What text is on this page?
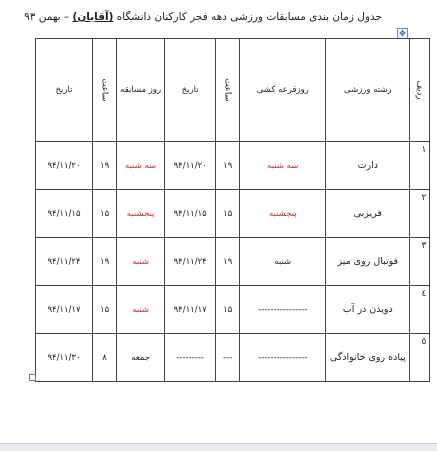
جدول زمان بندی مسابقات ورزشی دهه فجر کارکنان دانشگاه (آقایان) – بهمن ۹۳
✥
ردیف	رشته ورزشی	روزقرعه کشی	ساعت	تاریخ	روز مسابقه	ساعت	تاریخ
۱	دارت	سه شنبه	۱۹	۹۴/۱۱/۲۰	سه شنبه	۱۹	۹۴/۱۱/۲۰
۲	فریزبی	پنجشنبه	۱۵	۹۴/۱۱/۱۵	پنجشنبه	۱۵	۹۴/۱۱/۱۵
۳	فوتبال روی میز	شنبه	۱۹	۹۴/۱۱/۲۴	شنبه	۱۹	۹۴/۱۱/۲۴
٤	دویدن در آب	----------------	۱۵	۹۴/۱۱/۱۷	شنبه	۱۵	۹۴/۱۱/۱۷
٥	پیاده روی خانوادگی	----------------	---	---------	جمعه	۸	۹۴/۱۱/۳۰
